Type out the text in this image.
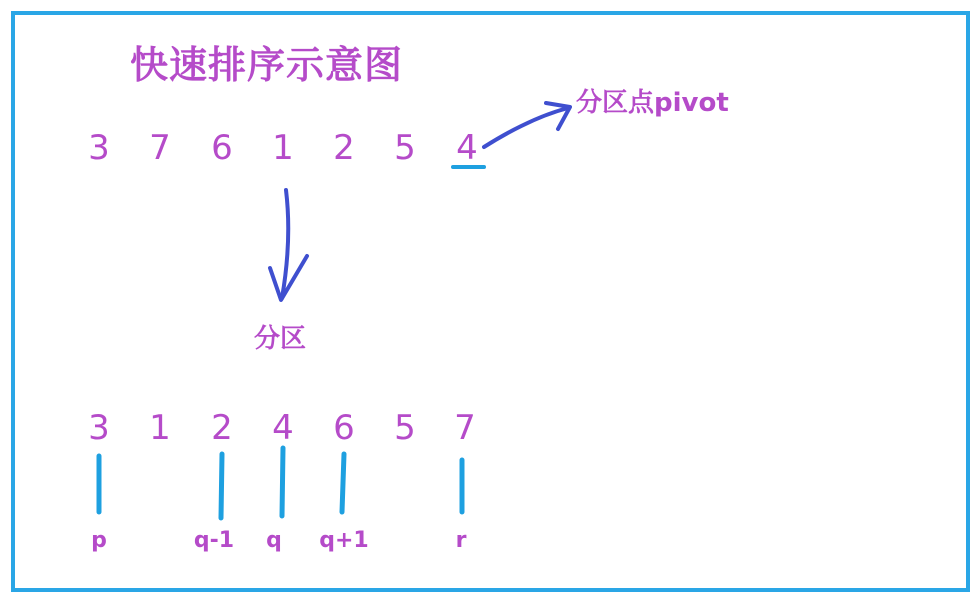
快速排序示意图
3 7 6 1 2 5 4
分区点pivot
分区
3 1 2 4 6 5 7
p	q-1	q	q+1	r
